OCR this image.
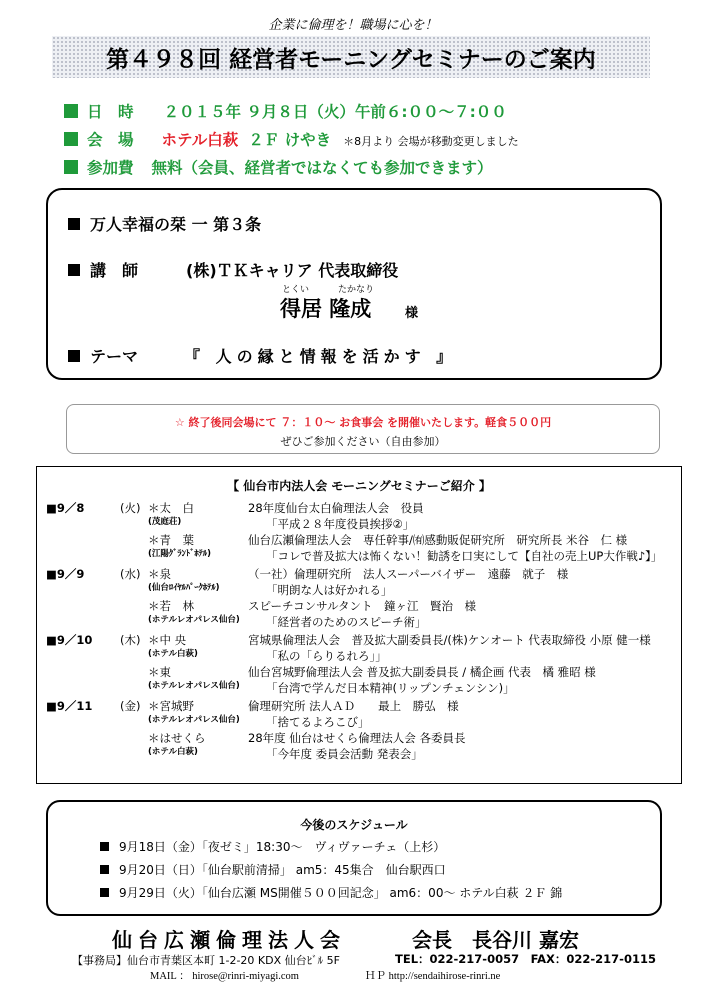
企業に倫理を！職場に心を！
第４９８回 経営者モーニングセミナーのご案内
日　時 ２０１５年 ９月８日（火）午前６:００～７:００
会　場 ホテル白萩 ２Ｆ けやき ＊8月より 会場が移動変更しました
参加費 無料（会員、経営者ではなくても参加できます）
万人幸福の栞 一 第３条
講　師	(株)ＴＫキャリア 代表取締役
とくい	たかなり
得居 隆成	様
テーマ	『 人の縁と情報を活かす 』
☆ 終了後同会場にて ７：１０～ お食事会 を開催いたします。軽食５００円
ぜひご参加ください（自由参加）
【 仙台市内法人会 モーニングセミナーご紹介 】
■9／8	(火) ＊太　白	28年度仙台太白倫理法人会　役員
(茂庭荘)	「平成２８年度役員挨拶②」
＊青　葉	仙台広瀬倫理法人会　専任幹事/㈲感動販促研究所　研究所長 米谷　仁 様
(江陽ｸﾞﾗﾝﾄﾞﾎﾃﾙ)	「コレで普及拡大は怖くない！勧誘を口実にして【自社の売上UP大作戦♪】」
■9／9	(水) ＊泉	（一社）倫理研究所　法人スーパーバイザー　遠藤　就子　様
(仙台ﾛｲﾔﾙﾊﾟｰｸﾎﾃﾙ)	「明朗な人は好かれる」
＊若　林	スピーチコンサルタント　鐘ヶ江　賢治　様
(ホテルレオパレス仙台) 「経営者のためのスピーチ術」
■9／10 (木) ＊中 央	宮城県倫理法人会　普及拡大副委員長/(株)ケンオート 代表取締役 小原 健一様
(ホテル白萩)	「私の「らりるれろ」」
＊東	仙台宮城野倫理法人会 普及拡大副委員長 / 橘企画 代表　橘 雅昭 様
(ホテルレオパレス仙台) 「台湾で学んだ日本精神(リップンチェンシン)」
■9／11 (金) ＊宮城野	倫理研究所 法人ＡＤ　　最上　勝弘　様
(ホテルレオパレス仙台) 「捨てるよろこび」
＊はせくら	28年度 仙台はせくら倫理法人会 各委員長
(ホテル白萩)	「今年度 委員会活動 発表会」
今後のスケジュール
9月18日（金）「夜ゼミ」18:30～　ヴィヴァーチェ（上杉）
9月20日（日）「仙台駅前清掃」 am5：45集合　仙台駅西口
9月29日（火）「仙台広瀬 MS開催５００回記念」 am6：00～ ホテル白萩 ２Ｆ 錦
仙台広瀬倫理法人会	会長　長谷川 嘉宏
【事務局】仙台市青葉区本町 1-2-20 KDX 仙台ﾋﾞﾙ 5F	TEL：022-217-0057　FAX：022-217-0115
MAIL ： hirose@rinri-miyagi.com	ＨＰ http://sendaihirose-rinri.ne
